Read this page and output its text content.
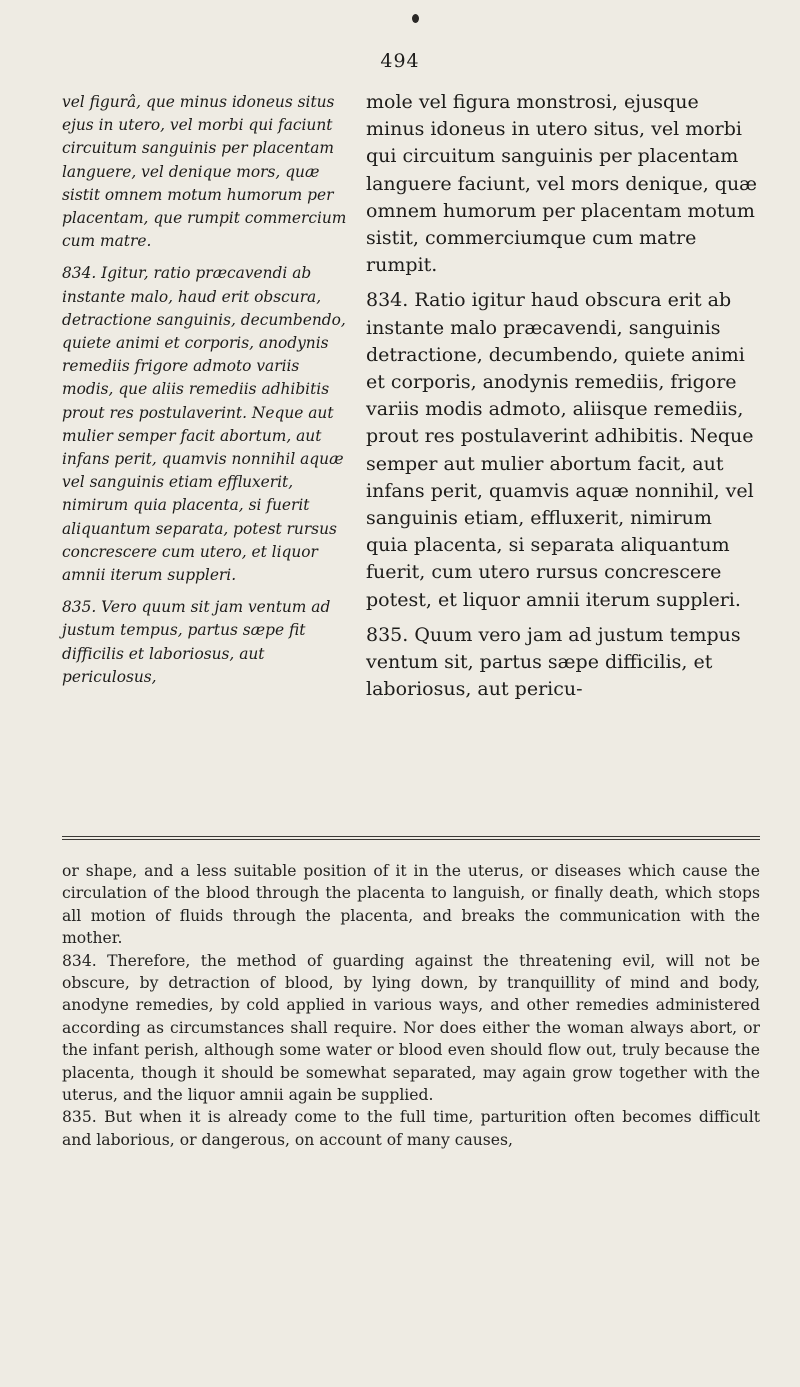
494

vel figurâ, que minus idoneus situs ejus in utero, vel morbi qui faciunt circuitum sanguinis per placentam languere, vel denique mors, quæ sistit omnem motum humorum per placentam, que rumpit commercium cum matre.

834. Igitur, ratio præcavendi ab instante malo, haud erit obscura, detractione sanguinis, decumbendo, quiete animi et corporis, anodynis remediis frigore admoto variis modis, que aliis remediis adhibitis prout res postulaverint. Neque aut mulier semper facit abortum, aut infans perit, quamvis nonnihil aquæ vel sanguinis etiam effluxerit, nimirum quia placenta, si fuerit aliquantum separata, potest rursus concrescere cum utero, et liquor amnii iterum suppleri.

835. Vero quum sit jam ventum ad justum tempus, partus sæpe fit difficilis et laboriosus, aut periculosus,

mole vel figura monstrosi, ejusque minus idoneus in utero situs, vel morbi qui circuitum sanguinis per placentam languere faciunt, vel mors denique, quæ omnem humorum per placentam motum sistit, commerciumque cum matre rumpit.

834. Ratio igitur haud obscura erit ab instante malo præcavendi, sanguinis detractione, decumbendo, quiete animi et corporis, anodynis remediis, frigore variis modis admoto, aliisque remediis, prout res postulaverint adhibitis. Neque semper aut mulier abortum facit, aut infans perit, quamvis aquæ nonnihil, vel sanguinis etiam, effluxerit, nimirum quia placenta, si separata aliquantum fuerit, cum utero rursus concrescere potest, et liquor amnii iterum suppleri.

835. Quum vero jam ad justum tempus ventum sit, partus sæpe difficilis, et laboriosus, aut pericu-

or shape, and a less suitable position of it in the uterus, or diseases which cause the circulation of the blood through the placenta to languish, or finally death, which stops all motion of fluids through the placenta, and breaks the communication with the mother.

834. Therefore, the method of guarding against the threatening evil, will not be obscure, by detraction of blood, by lying down, by tranquillity of mind and body, anodyne remedies, by cold applied in various ways, and other remedies administered according as circumstances shall require. Nor does either the woman always abort, or the infant perish, although some water or blood even should flow out, truly because the placenta, though it should be somewhat separated, may again grow together with the uterus, and the liquor amnii again be supplied.

835. But when it is already come to the full time, parturition often becomes difficult and laborious, or dangerous, on account of many causes,
